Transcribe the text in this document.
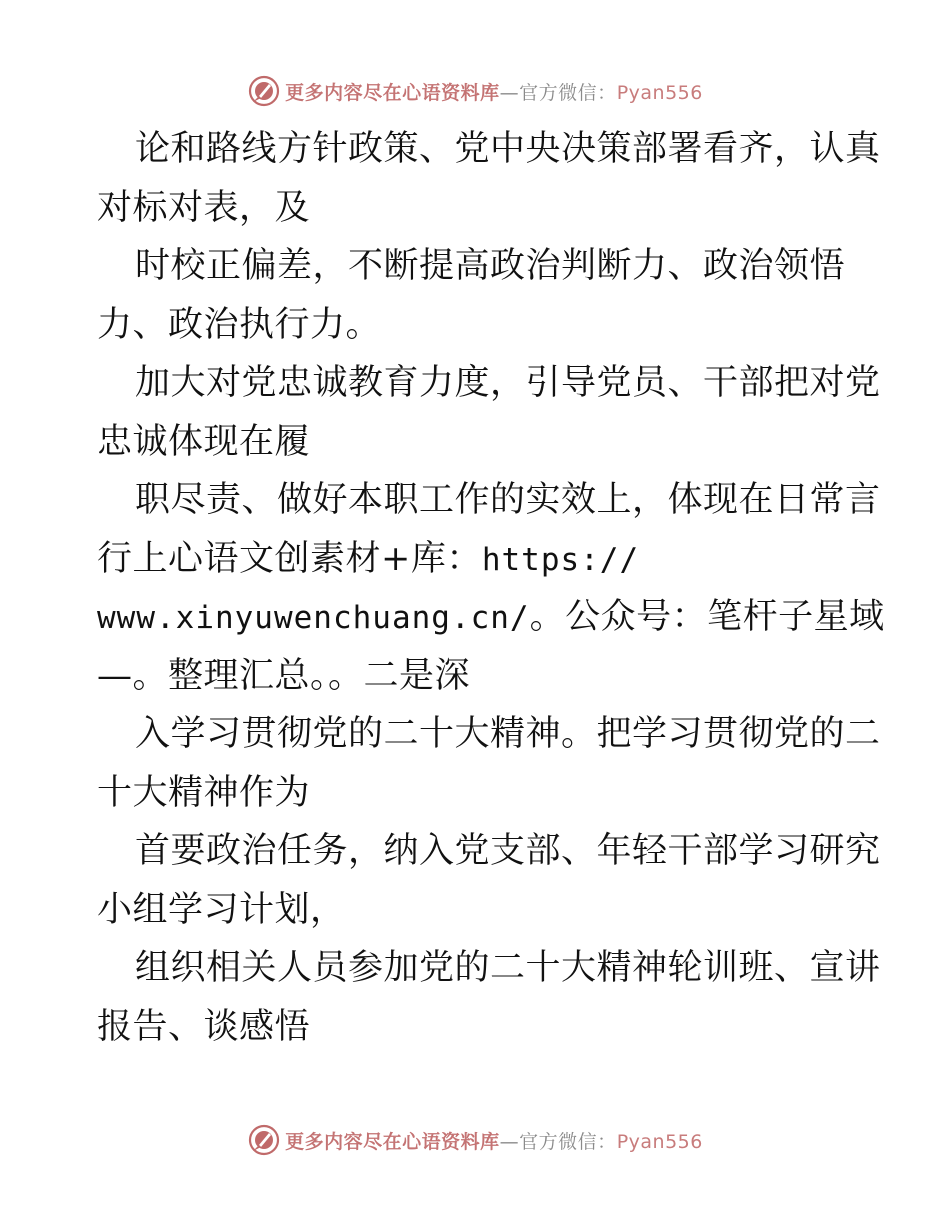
更多内容尽在心语资料库—官方微信：Pyan556
论和路线方针政策、党中央决策部署看齐，认真
对标对表，及
时校正偏差，不断提高政治判断力、政治领悟
力、政治执行力。
加大对党忠诚教育力度，引导党员、干部把对党
忠诚体现在履
职尽责、做好本职工作的实效上，体现在日常言
行上心语文创素材+库：https://
www.xinyuwenchuang.cn/。公众号：笔杆子星域
—。整理汇总。。二是深
入学习贯彻党的二十大精神。把学习贯彻党的二
十大精神作为
首要政治任务，纳入党支部、年轻干部学习研究
小组学习计划，
组织相关人员参加党的二十大精神轮训班、宣讲
报告、谈感悟
更多内容尽在心语资料库—官方微信：Pyan556
